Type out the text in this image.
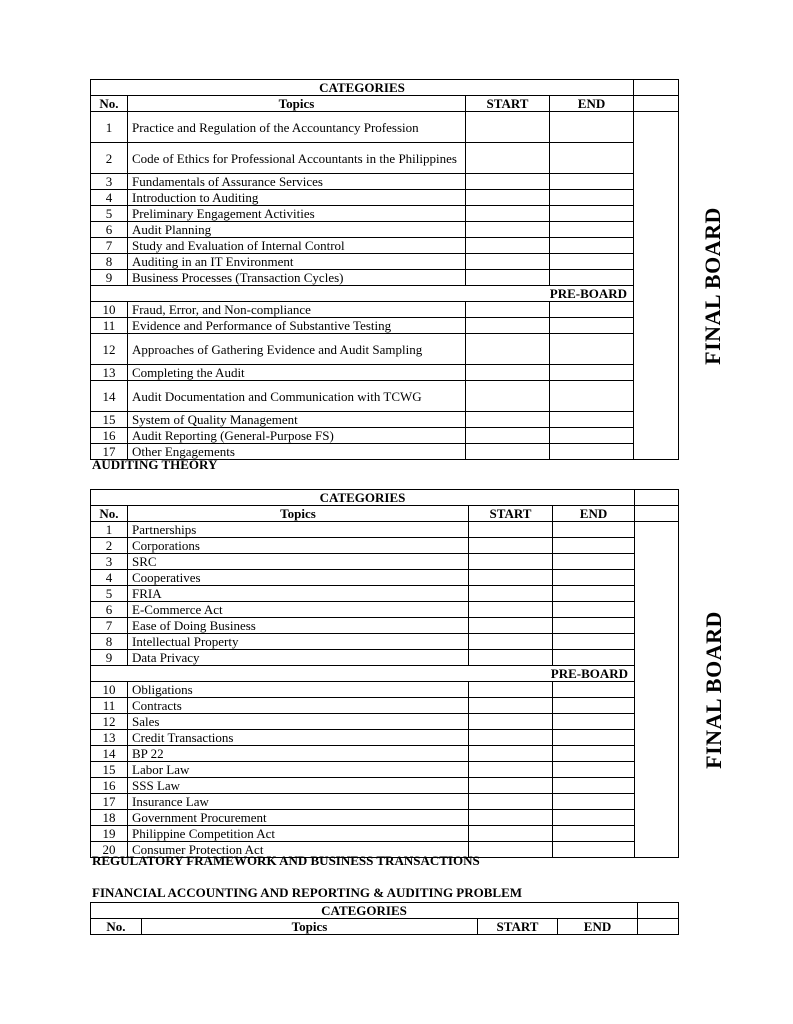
CATEGORIES				
No.	Topics	START	END	
1	Practice and Regulation of the Accountancy Profession			FINAL BOARD
2	Code of Ethics for Professional Accountants in the Philippines			
3	Fundamentals of Assurance Services			
4	Introduction to Auditing			
5	Preliminary Engagement Activities			
6	Audit Planning			
7	Study and Evaluation of Internal Control			
8	Auditing in an IT Environment			
9	Business Processes (Transaction Cycles)			
PRE-BOARD				
10	Fraud, Error, and Non-compliance			
11	Evidence and Performance of Substantive Testing			
12	Approaches of Gathering Evidence and Audit Sampling			
13	Completing the Audit			
14	Audit Documentation and Communication with TCWG			
15	System of Quality Management			
16	Audit Reporting (General-Purpose FS)			
17	Other Engagements			
AUDITING THEORY
CATEGORIES				
No.	Topics	START	END	
1	Partnerships			FINAL BOARD
2	Corporations			
3	SRC			
4	Cooperatives			
5	FRIA			
6	E-Commerce Act			
7	Ease of Doing Business			
8	Intellectual Property			
9	Data Privacy			
PRE-BOARD				
10	Obligations			
11	Contracts			
12	Sales			
13	Credit Transactions			
14	BP 22			
15	Labor Law			
16	SSS Law			
17	Insurance Law			
18	Government Procurement			
19	Philippine Competition Act			
20	Consumer Protection Act			
REGULATORY FRAMEWORK AND BUSINESS TRANSACTIONS
FINANCIAL ACCOUNTING AND REPORTING & AUDITING PROBLEM
CATEGORIES				
No.	Topics	START	END	
